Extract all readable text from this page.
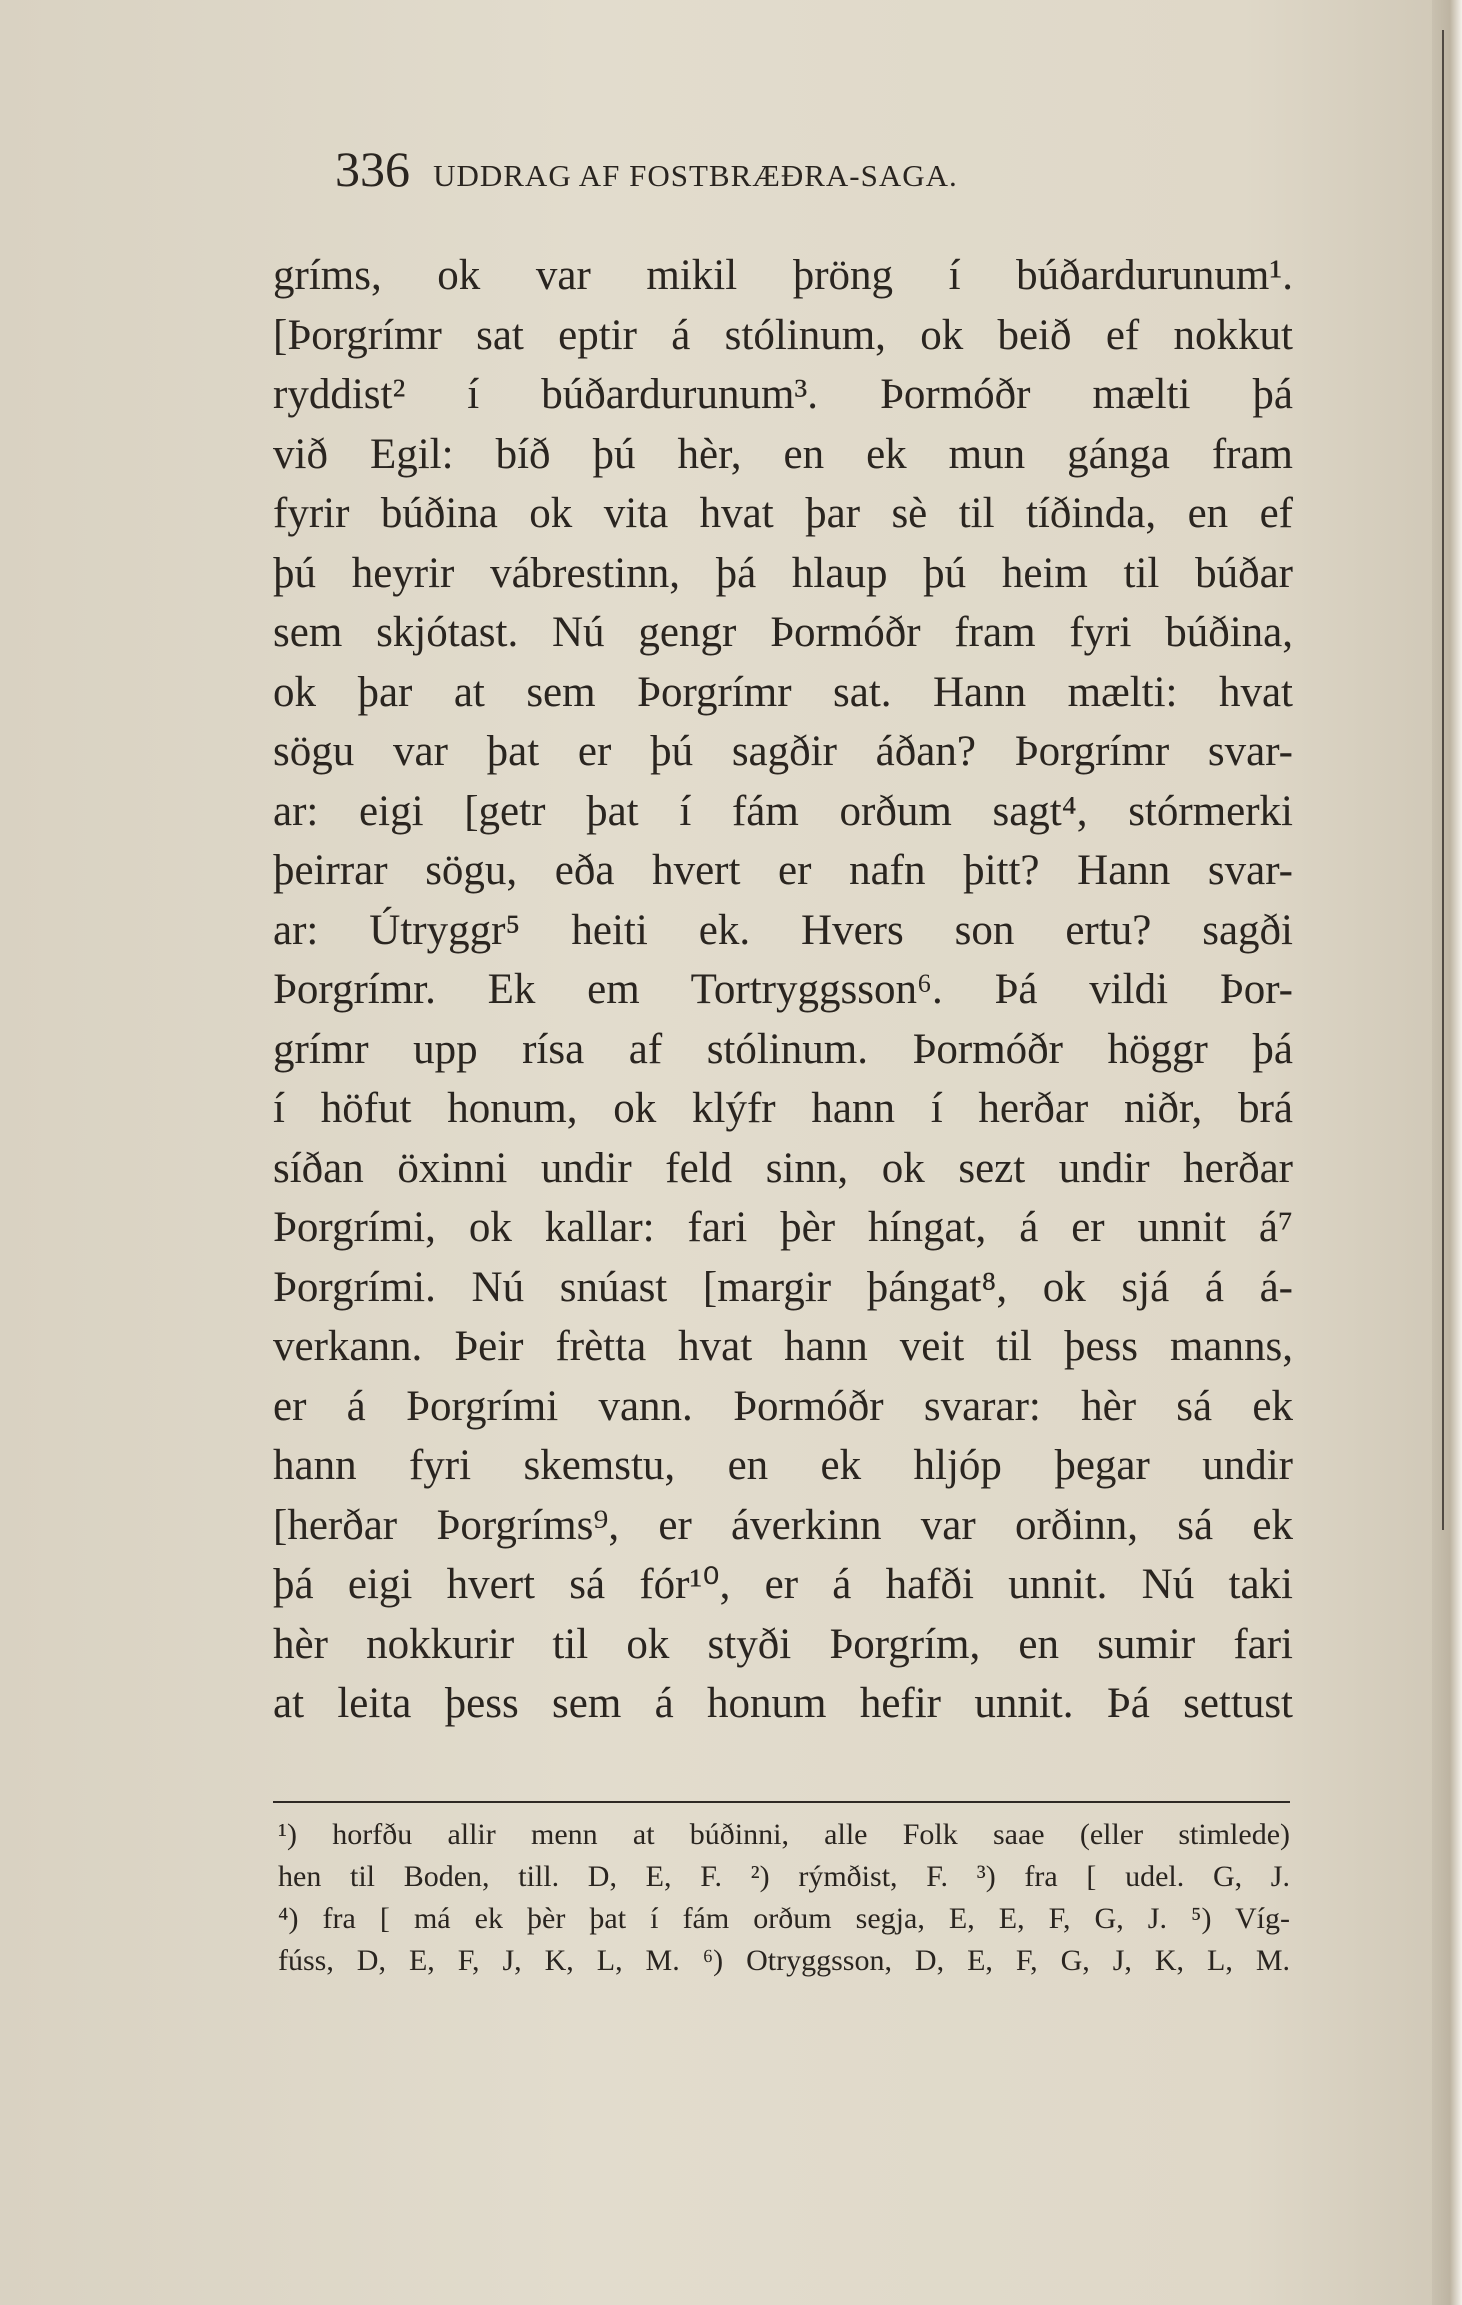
336 UDDRAG AF FOSTBRÆÐRA-SAGA.
gríms, ok var mikil þröng í búðardurunum¹.
[Þorgrímr sat eptir á stólinum, ok beið ef nokkut
ryddist² í búðardurunum³. Þormóðr mælti þá
við Egil: bíð þú hèr, en ek mun gánga fram
fyrir búðina ok vita hvat þar sè til tíðinda, en ef
þú heyrir vábrestinn, þá hlaup þú heim til búðar
sem skjótast. Nú gengr Þormóðr fram fyri búðina,
ok þar at sem Þorgrímr sat. Hann mælti: hvat
sögu var þat er þú sagðir áðan? Þorgrímr svar-
ar: eigi [getr þat í fám orðum sagt⁴, stórmerki
þeirrar sögu, eða hvert er nafn þitt? Hann svar-
ar: Útryggr⁵ heiti ek. Hvers son ertu? sagði
Þorgrímr. Ek em Tortryggsson⁶. Þá vildi Þor-
grímr upp rísa af stólinum. Þormóðr höggr þá
í höfut honum, ok klýfr hann í herðar niðr, brá
síðan öxinni undir feld sinn, ok sezt undir herðar
Þorgrími, ok kallar: fari þèr híngat, á er unnit á⁷
Þorgrími. Nú snúast [margir þángat⁸, ok sjá á á-
verkann. Þeir frètta hvat hann veit til þess manns,
er á Þorgrími vann. Þormóðr svarar: hèr sá ek
hann fyri skemstu, en ek hljóp þegar undir
[herðar Þorgríms⁹, er áverkinn var orðinn, sá ek
þá eigi hvert sá fór¹⁰, er á hafði unnit. Nú taki
hèr nokkurir til ok styði Þorgrím, en sumir fari
at leita þess sem á honum hefir unnit. Þá settust
¹) horfðu allir menn at búðinni, alle Folk saae (eller stimlede)
hen til Boden, till. D, E, F. ²) rýmðist, F. ³) fra [ udel. G, J.
⁴) fra [ má ek þèr þat í fám orðum segja, E, E, F, G, J. ⁵) Víg-
fúss, D, E, F, J, K, L, M. ⁶) Otryggsson, D, E, F, G, J, K, L, M.
